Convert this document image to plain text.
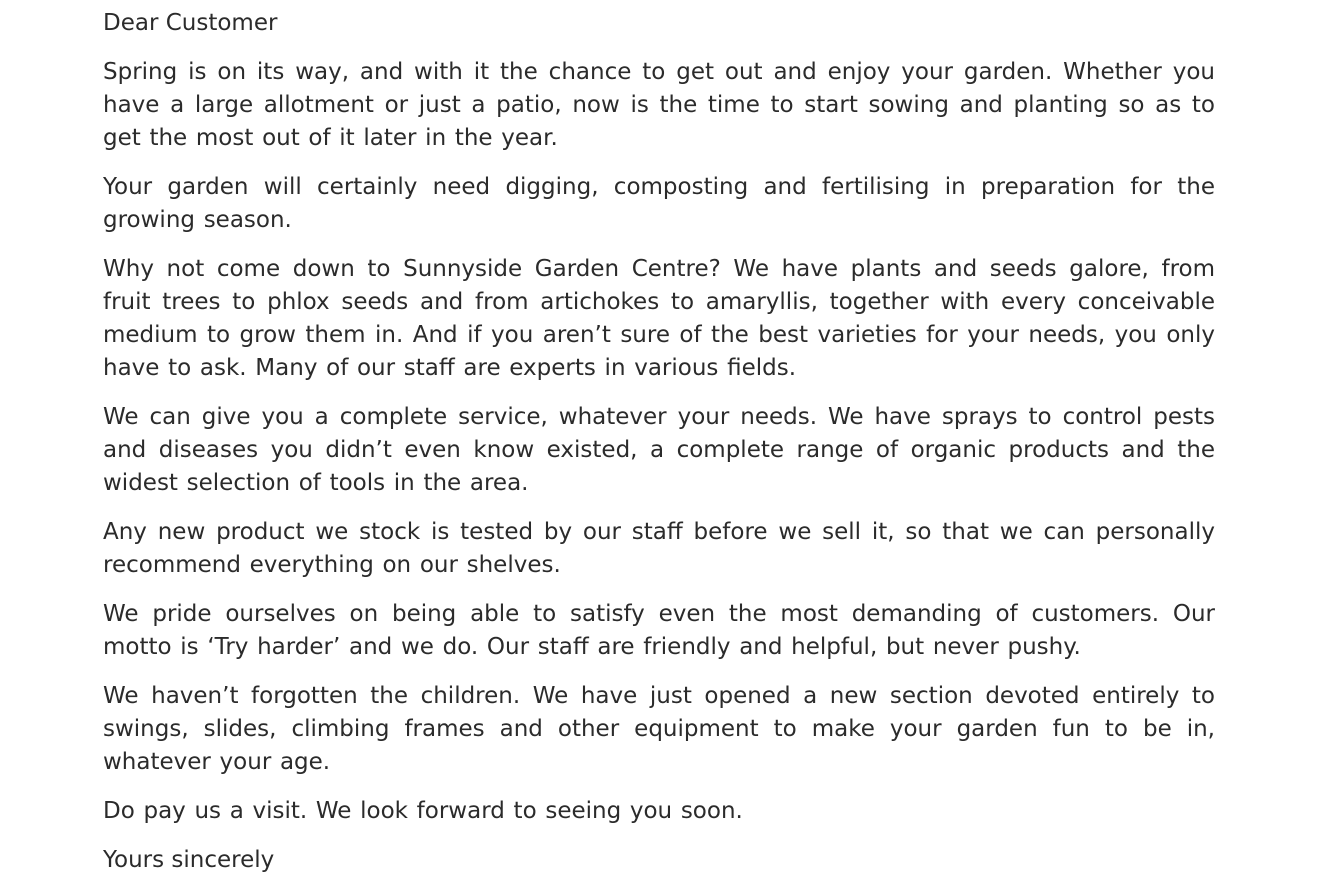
Dear Customer

Spring is on its way, and with it the chance to get out and enjoy your garden. Whether you have a large allotment or just a patio, now is the time to start sowing and planting so as to get the most out of it later in the year.

Your garden will certainly need digging, composting and fertilising in preparation for the growing season.

Why not come down to Sunnyside Garden Centre? We have plants and seeds galore, from fruit trees to phlox seeds and from artichokes to amaryllis, together with every conceivable medium to grow them in. And if you aren’t sure of the best varieties for your needs, you only have to ask. Many of our staff are experts in various fields.

We can give you a complete service, whatever your needs. We have sprays to control pests and diseases you didn’t even know existed, a complete range of organic products and the widest selection of tools in the area.

Any new product we stock is tested by our staff before we sell it, so that we can personally recommend everything on our shelves.

We pride ourselves on being able to satisfy even the most demanding of customers. Our motto is ‘Try harder’ and we do. Our staff are friendly and helpful, but never pushy.

We haven’t forgotten the children. We have just opened a new section devoted entirely to swings, slides, climbing frames and other equipment to make your garden fun to be in, whatever your age.

Do pay us a visit. We look forward to seeing you soon.

Yours sincerely
